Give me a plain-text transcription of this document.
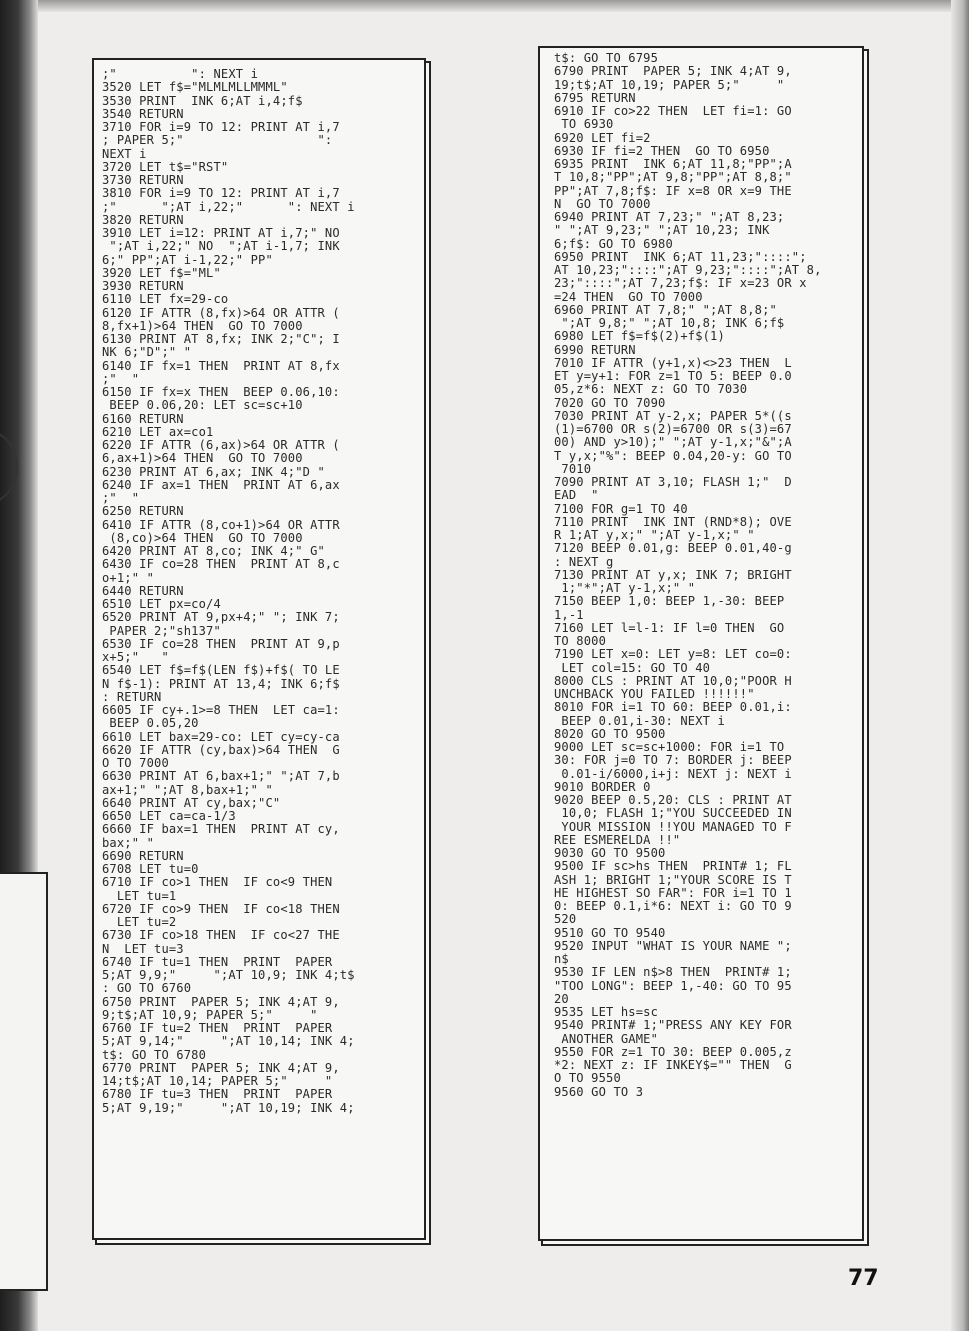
;"          ": NEXT i
3520 LET f$="MLMLMLLMMML"
3530 PRINT  INK 6;AT i,4;f$
3540 RETURN
3710 FOR i=9 TO 12: PRINT AT i,7
; PAPER 5;"                  ":
NEXT i
3720 LET t$="RST"
3730 RETURN
3810 FOR i=9 TO 12: PRINT AT i,7
;"      ";AT i,22;"      ": NEXT i
3820 RETURN
3910 LET i=12: PRINT AT i,7;" NO
";AT i,22;" NO  ";AT i-1,7; INK
6;" PP";AT i-1,22;" PP"
3920 LET f$="ML"
3930 RETURN
6110 LET fx=29-co
6120 IF ATTR (8,fx)>64 OR ATTR (
8,fx+1)>64 THEN  GO TO 7000
6130 PRINT AT 8,fx; INK 2;"C"; I
NK 6;"D";" "
6140 IF fx=1 THEN  PRINT AT 8,fx
;"  "
6150 IF fx=x THEN  BEEP 0.06,10:
BEEP 0.06,20: LET sc=sc+10
6160 RETURN
6210 LET ax=co1
6220 IF ATTR (6,ax)>64 OR ATTR (
6,ax+1)>64 THEN  GO TO 7000
6230 PRINT AT 6,ax; INK 4;"D "
6240 IF ax=1 THEN  PRINT AT 6,ax
;"  "
6250 RETURN
6410 IF ATTR (8,co+1)>64 OR ATTR
(8,co)>64 THEN  GO TO 7000
6420 PRINT AT 8,co; INK 4;" G"
6430 IF co=28 THEN  PRINT AT 8,c
o+1;" "
6440 RETURN
6510 LET px=co/4
6520 PRINT AT 9,px+4;" "; INK 7;
PAPER 2;"sh137"
6530 IF co=28 THEN  PRINT AT 9,p
x+5;"   "
6540 LET f$=f$(LEN f$)+f$( TO LE
N f$-1): PRINT AT 13,4; INK 6;f$
: RETURN
6605 IF cy+.1>=8 THEN  LET ca=1:
BEEP 0.05,20
6610 LET bax=29-co: LET cy=cy-ca
6620 IF ATTR (cy,bax)>64 THEN  G
O TO 7000
6630 PRINT AT 6,bax+1;" ";AT 7,b
ax+1;" ";AT 8,bax+1;" "
6640 PRINT AT cy,bax;"C"
6650 LET ca=ca-1/3
6660 IF bax=1 THEN  PRINT AT cy,
bax;" "
6690 RETURN
6708 LET tu=0
6710 IF co>1 THEN  IF co<9 THEN
LET tu=1
6720 IF co>9 THEN  IF co<18 THEN
LET tu=2
6730 IF co>18 THEN  IF co<27 THE
N  LET tu=3
6740 IF tu=1 THEN  PRINT  PAPER
5;AT 9,9;"     ";AT 10,9; INK 4;t$
: GO TO 6760
6750 PRINT  PAPER 5; INK 4;AT 9,
9;t$;AT 10,9; PAPER 5;"     "
6760 IF tu=2 THEN  PRINT  PAPER
5;AT 9,14;"     ";AT 10,14; INK 4;
t$: GO TO 6780
6770 PRINT  PAPER 5; INK 4;AT 9,
14;t$;AT 10,14; PAPER 5;"     "
6780 IF tu=3 THEN  PRINT  PAPER
5;AT 9,19;"     ";AT 10,19; INK 4;
t$: GO TO 6795
6790 PRINT  PAPER 5; INK 4;AT 9,
19;t$;AT 10,19; PAPER 5;"     "
6795 RETURN
6910 IF co>22 THEN  LET fi=1: GO
TO 6930
6920 LET fi=2
6930 IF fi=2 THEN  GO TO 6950
6935 PRINT  INK 6;AT 11,8;"PP";A
T 10,8;"PP";AT 9,8;"PP";AT 8,8;"
PP";AT 7,8;f$: IF x=8 OR x=9 THE
N  GO TO 7000
6940 PRINT AT 7,23;" ";AT 8,23;
" ";AT 9,23;" ";AT 10,23; INK
6;f$: GO TO 6980
6950 PRINT  INK 6;AT 11,23;"::::";
AT 10,23;"::::";AT 9,23;"::::";AT 8,
23;"::::";AT 7,23;f$: IF x=23 OR x
=24 THEN  GO TO 7000
6960 PRINT AT 7,8;" ";AT 8,8;"
";AT 9,8;" ";AT 10,8; INK 6;f$
6980 LET f$=f$(2)+f$(1)
6990 RETURN
7010 IF ATTR (y+1,x)<>23 THEN  L
ET y=y+1: FOR z=1 TO 5: BEEP 0.0
05,z*6: NEXT z: GO TO 7030
7020 GO TO 7090
7030 PRINT AT y-2,x; PAPER 5*((s
(1)=6700 OR s(2)=6700 OR s(3)=67
00) AND y>10);" ";AT y-1,x;"&";A
T y,x;"%": BEEP 0.04,20-y: GO TO
7010
7090 PRINT AT 3,10; FLASH 1;"  D
EAD  "
7100 FOR g=1 TO 40
7110 PRINT  INK INT (RND*8); OVE
R 1;AT y,x;" ";AT y-1,x;" "
7120 BEEP 0.01,g: BEEP 0.01,40-g
: NEXT g
7130 PRINT AT y,x; INK 7; BRIGHT
1;"*";AT y-1,x;" "
7150 BEEP 1,0: BEEP 1,-30: BEEP
1,-1
7160 LET l=l-1: IF l=0 THEN  GO
TO 8000
7190 LET x=0: LET y=8: LET co=0:
LET col=15: GO TO 40
8000 CLS : PRINT AT 10,0;"POOR H
UNCHBACK YOU FAILED !!!!!!"
8010 FOR i=1 TO 60: BEEP 0.01,i:
BEEP 0.01,i-30: NEXT i
8020 GO TO 9500
9000 LET sc=sc+1000: FOR i=1 TO
30: FOR j=0 TO 7: BORDER j: BEEP
0.01-i/6000,i+j: NEXT j: NEXT i
9010 BORDER 0
9020 BEEP 0.5,20: CLS : PRINT AT
10,0; FLASH 1;"YOU SUCCEEDED IN
YOUR MISSION !!YOU MANAGED TO F
REE ESMERELDA !!"
9030 GO TO 9500
9500 IF sc>hs THEN  PRINT# 1; FL
ASH 1; BRIGHT 1;"YOUR SCORE IS T
HE HIGHEST SO FAR": FOR i=1 TO 1
0: BEEP 0.1,i*6: NEXT i: GO TO 9
520
9510 GO TO 9540
9520 INPUT "WHAT IS YOUR NAME ";
n$
9530 IF LEN n$>8 THEN  PRINT# 1;
"TOO LONG": BEEP 1,-40: GO TO 95
20
9535 LET hs=sc
9540 PRINT# 1;"PRESS ANY KEY FOR
ANOTHER GAME"
9550 FOR z=1 TO 30: BEEP 0.005,z
*2: NEXT z: IF INKEY$="" THEN  G
O TO 9550
9560 GO TO 3
77
